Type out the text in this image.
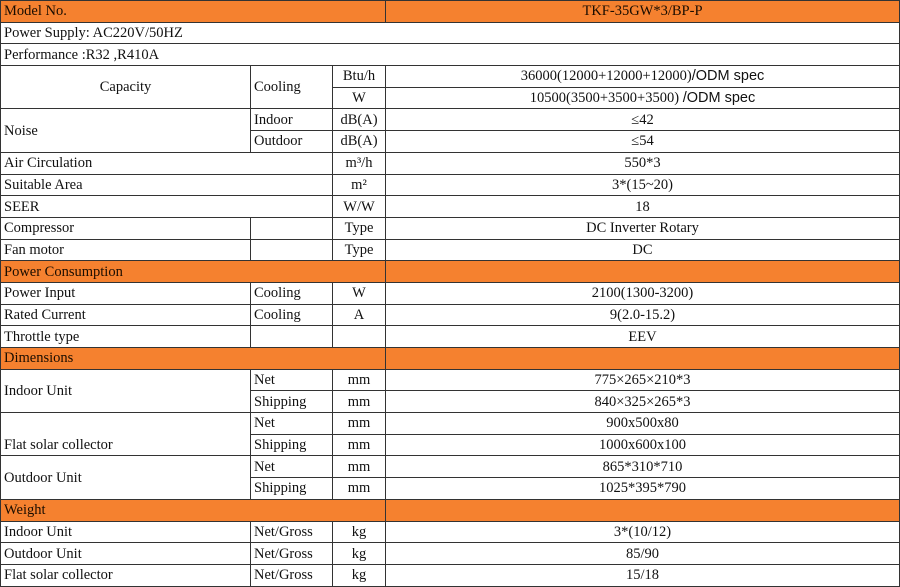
Model No.			TKF-35GW*3/BP-P
Power Supply: AC220V/50HZ			
Performance :R32 ,R410A			
Capacity	Cooling	Btu/h	36000(12000+12000+12000)/ODM spec
		W	10500(3500+3500+3500) /ODM spec
Noise	Indoor	dB(A)	≤42
	Outdoor	dB(A)	≤54
Air Circulation		m³/h	550*3
Suitable Area		m²	3*(15~20)
SEER		W/W	18
Compressor		Type	DC Inverter Rotary
Fan motor		Type	DC
Power Consumption			
Power Input	Cooling	W	2100(1300-3200)
Rated Current	Cooling	A	9(2.0-15.2)
Throttle type			EEV
Dimensions			
Indoor Unit	Net	mm	775×265×210*3
	Shipping	mm	840×325×265*3
Flat solar collector	Net	mm	900x500x80
	Shipping	mm	1000x600x100
Outdoor Unit	Net	mm	865*310*710
	Shipping	mm	1025*395*790
Weight			
Indoor Unit	Net/Gross	kg	3*(10/12)
Outdoor Unit	Net/Gross	kg	85/90
Flat solar collector	Net/Gross	kg	15/18
